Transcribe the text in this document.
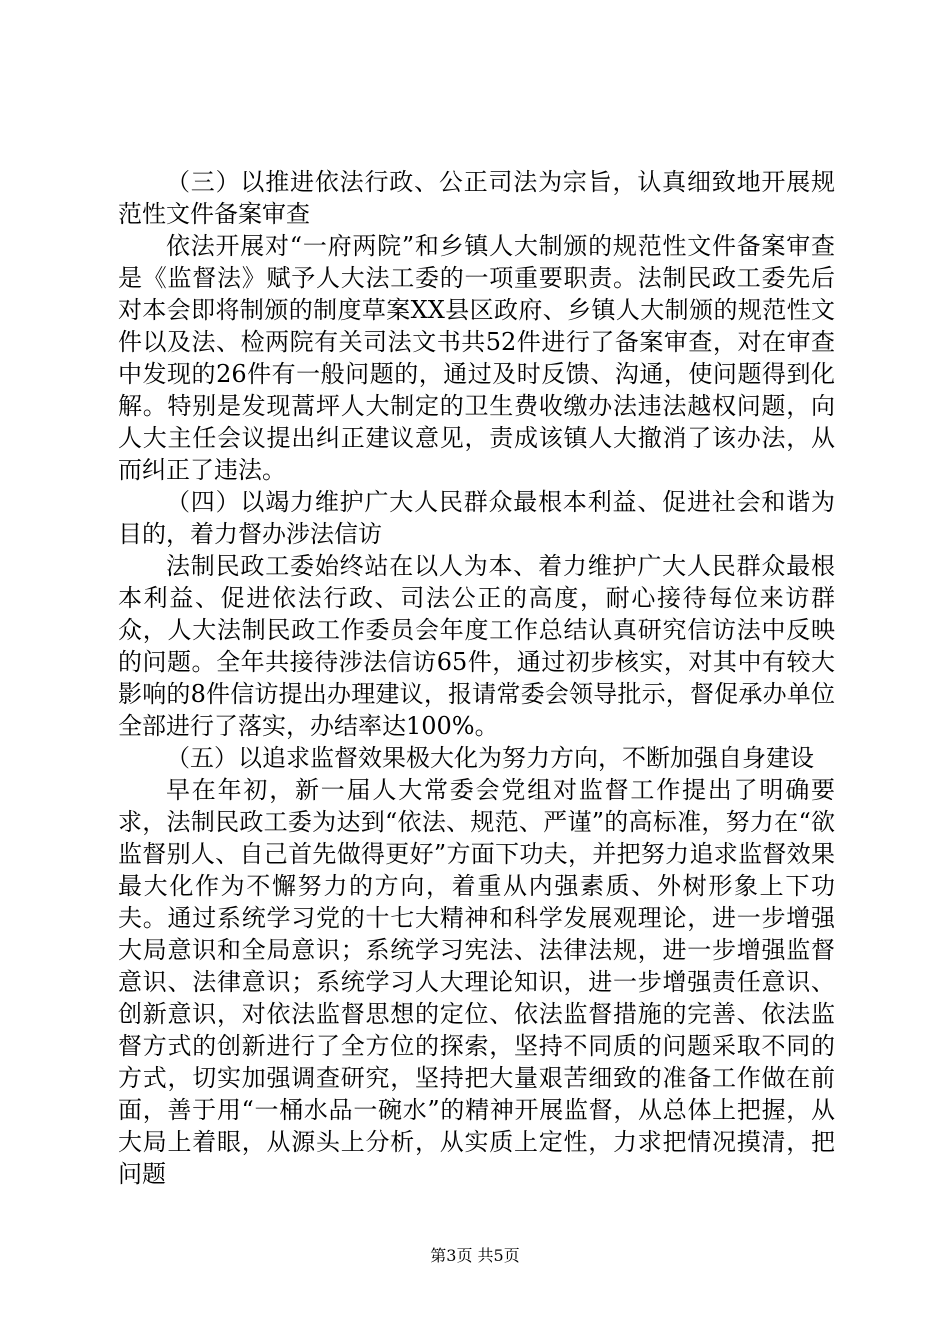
（三）以推进依法行政、公正司法为宗旨，认真细致地开展规范性文件备案审查

依法开展对“一府两院”和乡镇人大制颁的规范性文件备案审查是《监督法》赋予人大法工委的一项重要职责。法制民政工委先后对本会即将制颁的制度草案XX县区政府、乡镇人大制颁的规范性文件以及法、检两院有关司法文书共52件进行了备案审查，对在审查中发现的26件有一般问题的，通过及时反馈、沟通，使问题得到化解。特别是发现蒿坪人大制定的卫生费收缴办法违法越权问题，向人大主任会议提出纠正建议意见，责成该镇人大撤消了该办法，从而纠正了违法。

（四）以竭力维护广大人民群众最根本利益、促进社会和谐为目的，着力督办涉法信访

法制民政工委始终站在以人为本、着力维护广大人民群众最根本利益、促进依法行政、司法公正的高度，耐心接待每位来访群众，人大法制民政工作委员会年度工作总结认真研究信访法中反映的问题。全年共接待涉法信访65件，通过初步核实，对其中有较大影响的8件信访提出办理建议，报请常委会领导批示，督促承办单位全部进行了落实，办结率达100%。

（五）以追求监督效果极大化为努力方向，不断加强自身建设

早在年初，新一届人大常委会党组对监督工作提出了明确要求，法制民政工委为达到“依法、规范、严谨”的高标准，努力在“欲监督别人、自己首先做得更好”方面下功夫，并把努力追求监督效果最大化作为不懈努力的方向，着重从内强素质、外树形象上下功夫。通过系统学习党的十七大精神和科学发展观理论，进一步增强大局意识和全局意识；系统学习宪法、法律法规，进一步增强监督意识、法律意识；系统学习人大理论知识，进一步增强责任意识、创新意识，对依法监督思想的定位、依法监督措施的完善、依法监督方式的创新进行了全方位的探索，坚持不同质的问题采取不同的方式，切实加强调查研究，坚持把大量艰苦细致的准备工作做在前面，善于用“一桶水品一碗水”的精神开展监督，从总体上把握，从大局上着眼，从源头上分析，从实质上定性，力求把情况摸清，把问题

第3页 共5页
